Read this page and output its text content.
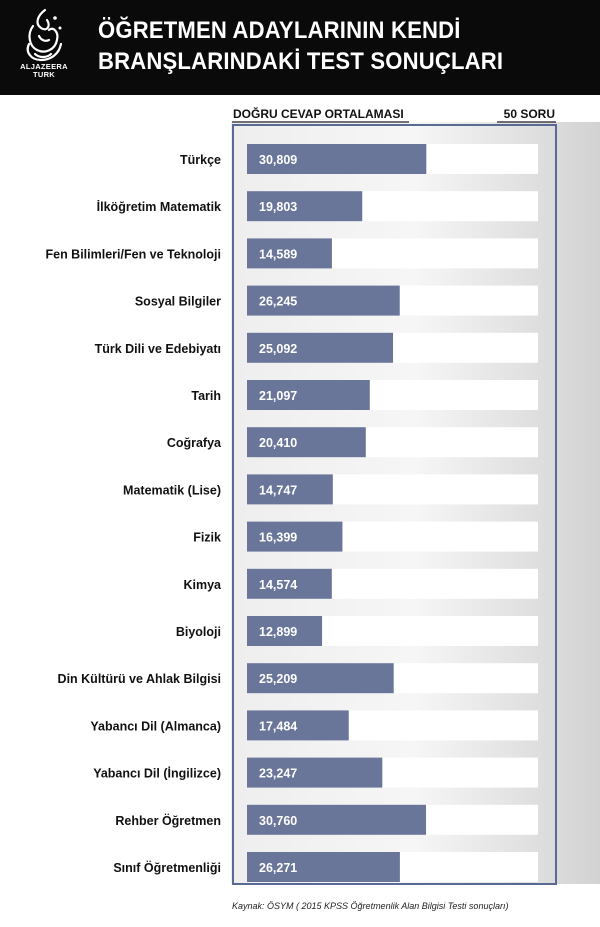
ALJAZEERA
TURK
ÖĞRETMEN ADAYLARININ KENDİ
BRANŞLARINDAKİ TEST SONUÇLARI
DOĞRU CEVAP ORTALAMASI	50 SORU
30,809
Türkçe
19,803
İlköğretim Matematik
14,589
Fen Bilimleri/Fen ve Teknoloji
26,245
Sosyal Bilgiler
25,092
Türk Dili ve Edebiyatı
21,097
Tarih
20,410
Coğrafya
14,747
Matematik (Lise)
16,399
Fizik
14,574
Kimya
12,899
Biyoloji
25,209
Din Kültürü ve Ahlak Bilgisi
17,484
Yabancı Dil (Almanca)
23,247
Yabancı Dil (İngilizce)
30,760
Rehber Öğretmen
26,271
Sınıf Öğretmenliği
Kaynak: ÖSYM ( 2015 KPSS Öğretmenlik Alan Bilgisi Testi sonuçları)
